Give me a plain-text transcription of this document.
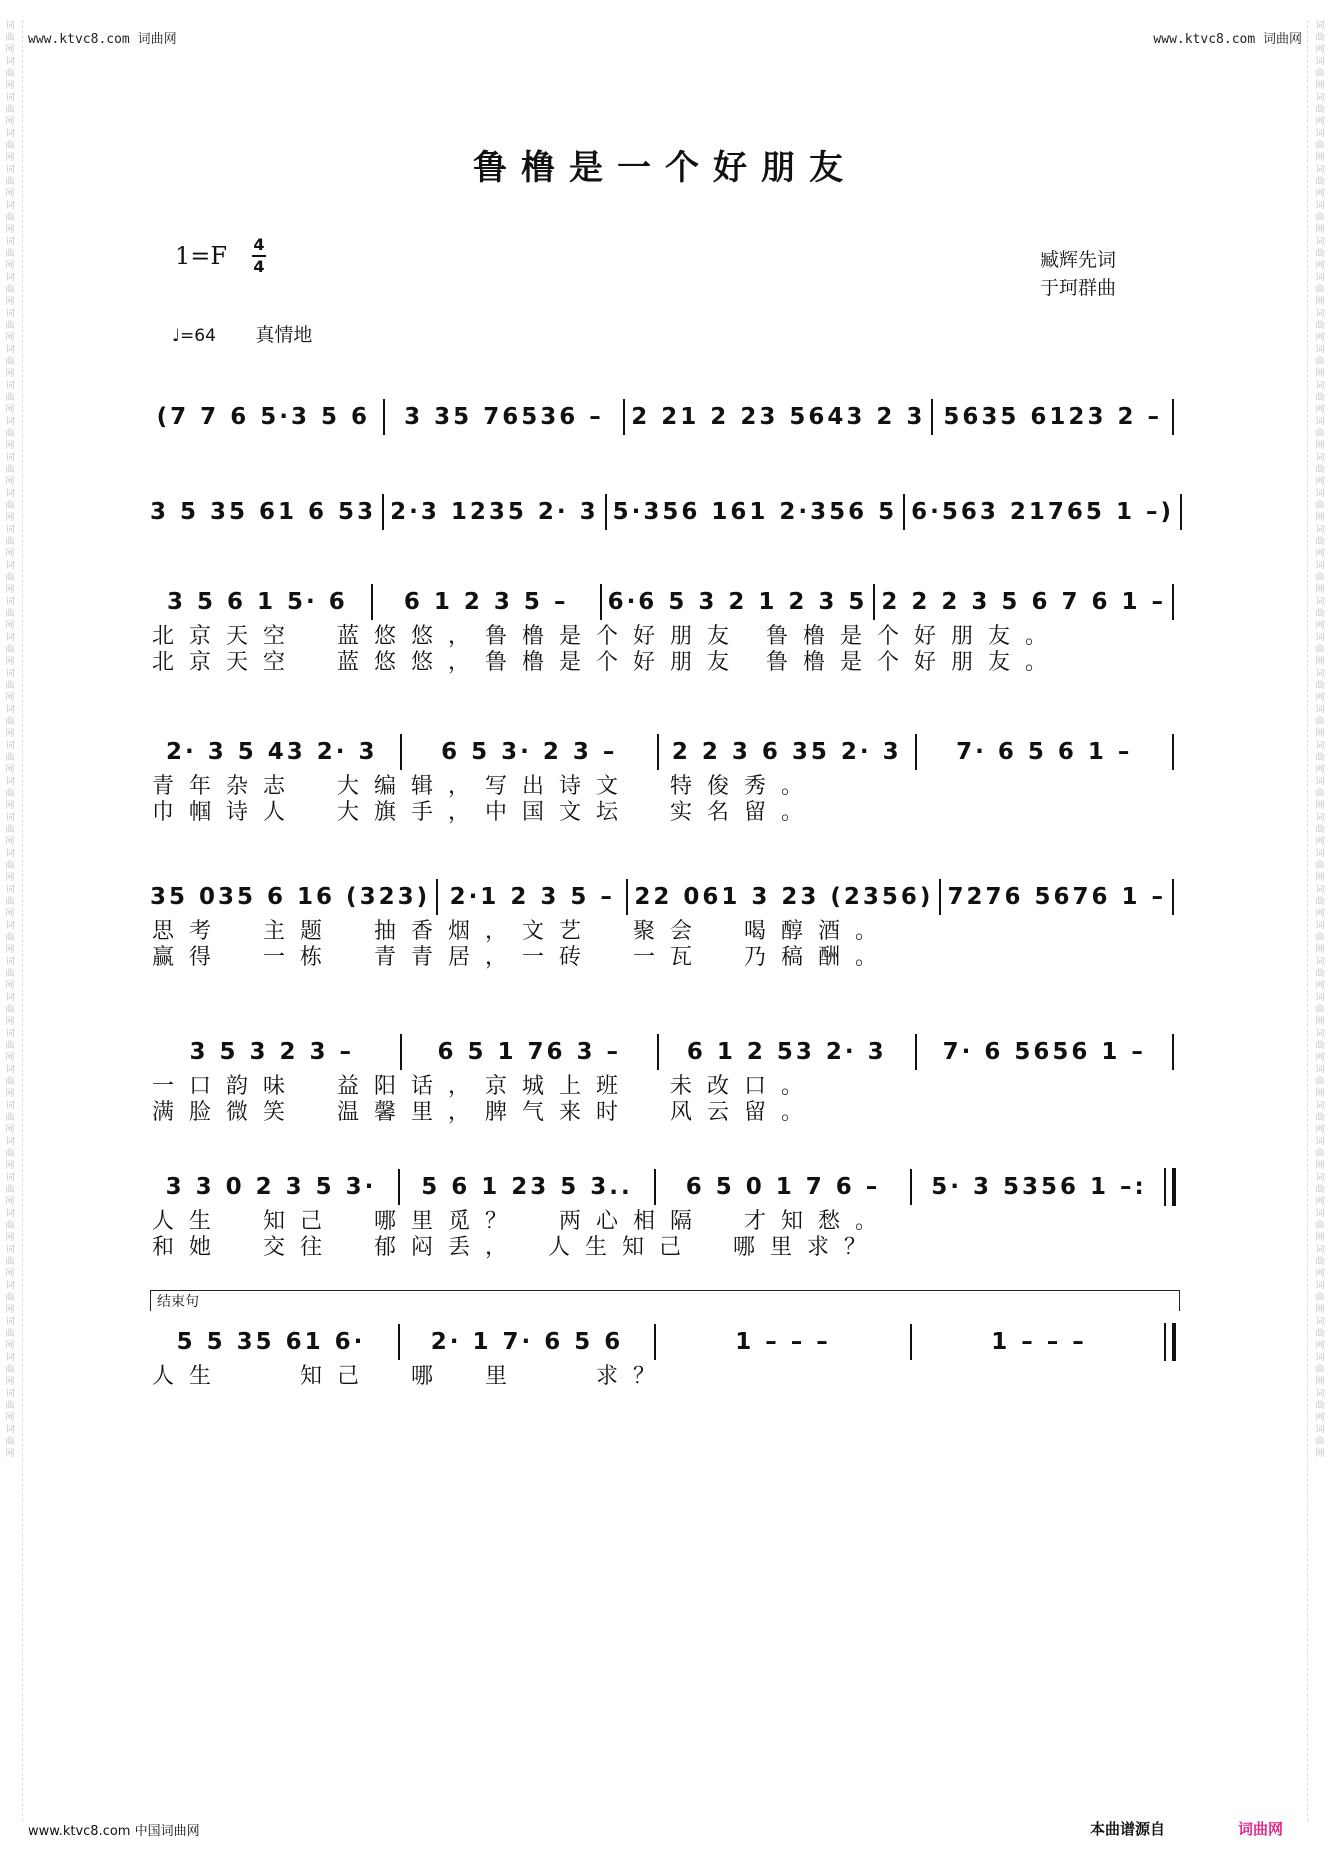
词曲网词曲网词曲网词曲网词曲网词曲网词曲网词曲网词曲网词曲网词曲网词曲网词曲网词曲网词曲网词曲网词曲网词曲网词曲网词曲网词曲网词曲网词曲网词曲网词曲网词曲网词曲网词曲网词曲网词曲网词曲网词曲网词曲网词曲网词曲网词曲网词曲网词曲网词曲网词曲网
词曲网词曲网词曲网词曲网词曲网词曲网词曲网词曲网词曲网词曲网词曲网词曲网词曲网词曲网词曲网词曲网词曲网词曲网词曲网词曲网词曲网词曲网词曲网词曲网词曲网词曲网词曲网词曲网词曲网词曲网词曲网词曲网词曲网词曲网词曲网词曲网词曲网词曲网词曲网词曲网
www.ktvc8.com 词曲网	www.ktvc8.com 词曲网
鲁橹是一个好朋友
1=F 4
4	臧辉先词
于珂群曲
♩=64 真情地
(7 7 6 5·3 5 6	3 35 76536 –	2 21 2 23 5643 2 3 5635 6123 2 –
3 5 35 61 6 53 2·3 1235 2· 3 5·356 161 2·356 5 6·563 21765 1 –)
3 5 6 1 5· 6	6 1 2 3 5 –	6·6 5 3 2 1 2 3 5 2 2 2 3 5 6 7 6 1 –
北京天空　蓝悠悠，鲁橹是个好朋友 鲁橹是个好朋友。
北京天空　蓝悠悠，鲁橹是个好朋友 鲁橹是个好朋友。
2· 3 5 43 2· 3	6 5 3· 2 3 –	2 2 3 6 35 2· 3	7· 6 5 6 1 –
青年杂志　大编辑，写出诗文　特俊秀。
巾帼诗人　大旗手，中国文坛　实名留。
35 035 6 16 (323) 2·1 2 3 5 – 22 061 3 23 (2356) 7276 5676 1 –
思考　主题　抽香烟，文艺　聚会　喝醇酒。
赢得　一栋　青青居，一砖　一瓦　乃稿酬。
3 5 3 2 3 –	6 5 1 76 3 –	6 1 2 53 2· 3	7· 6 5656 1 –
一口韵味　益阳话，京城上班　未改口。
满脸微笑　温馨里，脾气来时　风云留。
3 3 0 2 3 5 3·	5 6 1 23 5 3..	6 5 0 1 7 6 –	5· 3 5356 1 –:
人生　知己　哪里觅？　两心相隔　才知愁。
和她　交往　郁闷丢，　人生知己　哪里求？
5 5 35 61 6·	2· 1 7· 6 5 6	1 – – –	1 – – –
人生　　知己　哪　里　　求？
结束句
www.ktvc8.com 中国词曲网	本曲谱源自	词曲网
